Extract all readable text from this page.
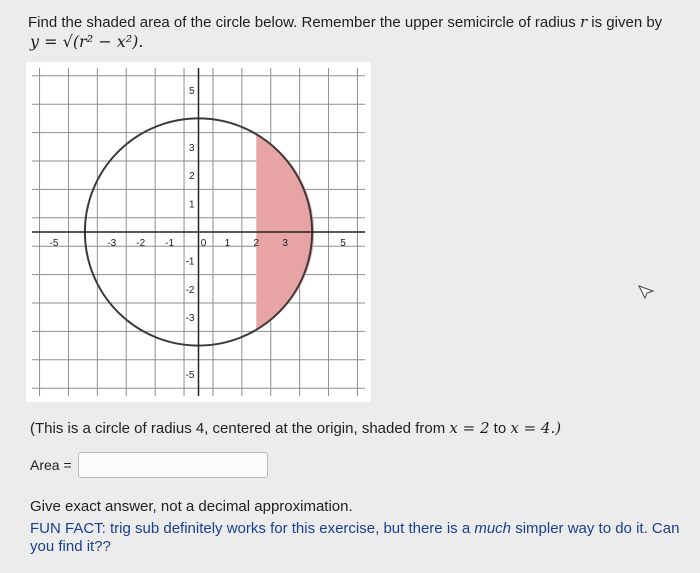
Find the shaded area of the circle below. Remember the upper semicircle of radius r is given by
y = √(r² − x²).
-5	-3 -2 -1	0 1 2 3	5
5
3
2
1
-1
-2
-3
-5
(This is a circle of radius 4, centered at the origin, shaded from x = 2 to x = 4.)
Area =
Give exact answer, not a decimal approximation.
FUN FACT: trig sub definitely works for this exercise, but there is a much simpler way to do it. Can you find it??
